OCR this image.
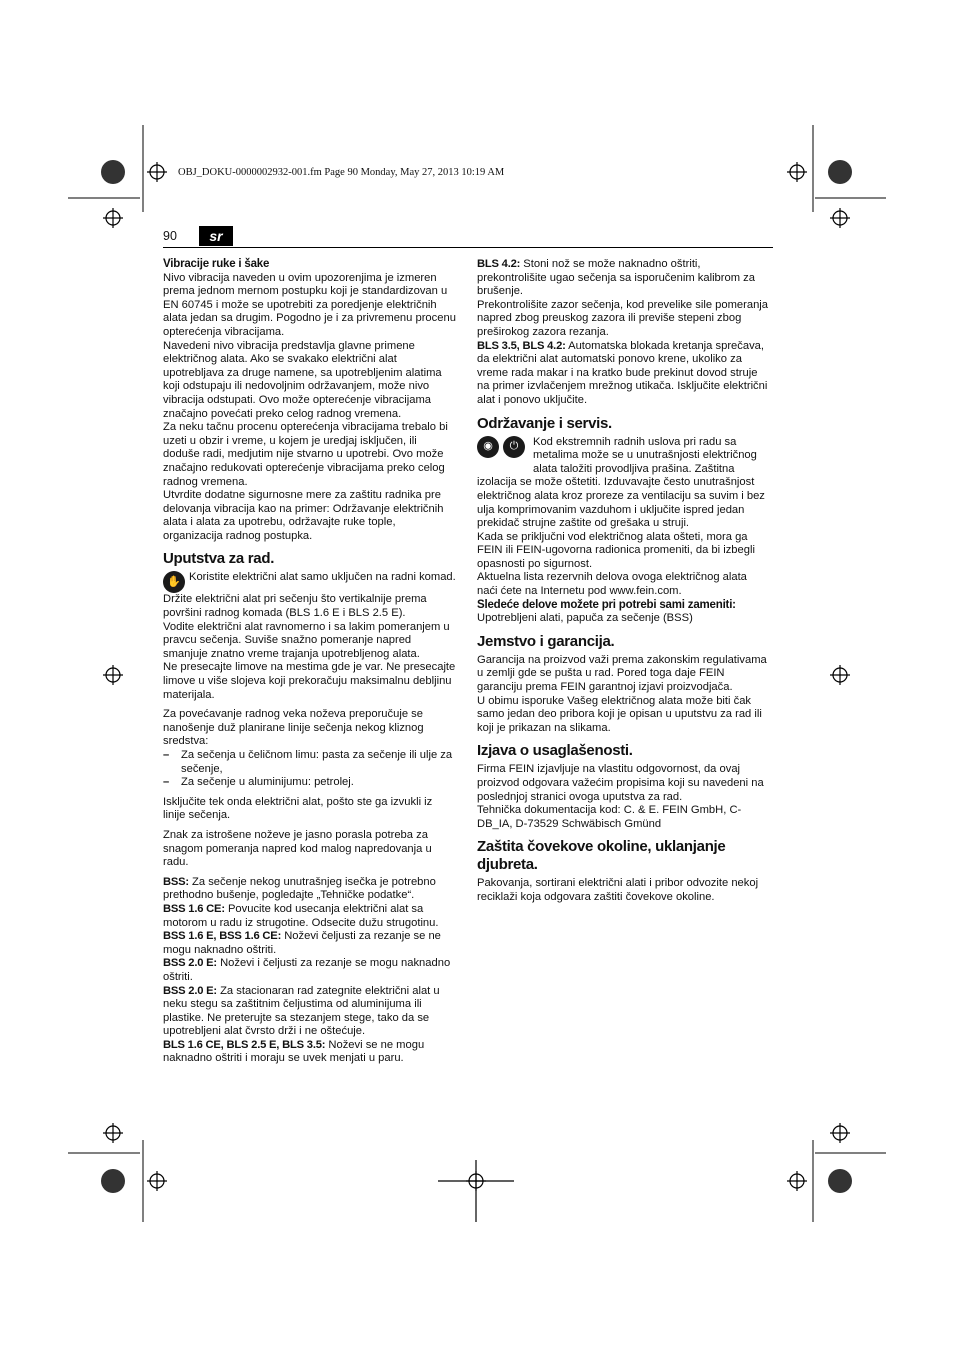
OBJ_DOKU-0000002932-001.fm Page 90 Monday, May 27, 2013 10:19 AM
90	sr
Vibracije ruke i šake

Nivo vibracija naveden u ovim upozorenjima je izmeren prema jednom mernom postupku koji je standardizovan u EN 60745 i može se upotrebiti za poredjenje električnih alata jedan sa drugim. Pogodno je i za privremenu procenu opterećenja vibracijama.

Navedeni nivo vibracija predstavlja glavne primene električnog alata. Ako se svakako električni alat upotrebljava za druge namene, sa upotrebljenim alatima koji odstupaju ili nedovoljnim održavanjem, može nivo vibracija odstupati. Ovo može opterećenje vibracijama značajno povećati preko celog radnog vremena.

Za neku tačnu procenu opterećenja vibracijama trebalo bi uzeti u obzir i vreme, u kojem je uredjaj isključen, ili doduše radi, medjutim nije stvarno u upotrebi. Ovo može značajno redukovati opterećenje vibracijama preko celog radnog vremena.

Utvrdite dodatne sigurnosne mere za zaštitu radnika pre delovanja vibracija kao na primer: Održavanje električnih alata i alata za upotrebu, održavajte ruke tople, organizacija radnog postupka.

Uputstva za rad.
✋ Koristite električni alat samo uključen na radni komad.

Držite električni alat pri sečenju što vertikalnije prema površini radnog komada (BLS 1.6 E i BLS 2.5 E).

Vodite električni alat ravnomerno i sa lakim pomeranjem u pravcu sečenja. Suviše snažno pomeranje napred smanjuje znatno vreme trajanja upotrebljenog alata.

Ne presecajte limove na mestima gde je var. Ne presecajte limove u više slojeva koji prekoračuju maksimalnu debljinu materijala.

Za povećavanje radnog veka noževa preporučuje se nanošenje duž planirane linije sečenja nekog kliznog sredstva:

–	Za sečenja u čeličnom limu: pasta za sečenje ili ulje za sečenje,
–	Za sečenje u aluminijumu: petrolej.

Isključite tek onda električni alat, pošto ste ga izvukli iz linije sečenja.

Znak za istrošene noževe je jasno porasla potreba za snagom pomeranja napred kod malog napredovanja u radu.

BSS: Za sečenje nekog unutrašnjeg isečka je potrebno prethodno bušenje, pogledajte „Tehničke podatke“.

BSS 1.6 CE: Povucite kod usecanja električni alat sa motorom u radu iz strugotine. Odsecite dužu strugotinu.

BSS 1.6 E, BSS 1.6 CE: Noževi čeljusti za rezanje se ne mogu naknadno oštriti.

BSS 2.0 E: Noževi i čeljusti za rezanje se mogu naknadno oštriti.

BSS 2.0 E: Za stacionaran rad zategnite električni alat u neku stegu sa zaštitnim čeljustima od aluminijuma ili plastike. Ne preterujte sa stezanjem stege, tako da se upotrebljeni alat čvrsto drži i ne oštećuje.

BLS 1.6 CE, BLS 2.5 E, BLS 3.5: Noževi se ne mogu naknadno oštriti i moraju se uvek menjati u paru.

BLS 4.2: Stoni nož se može naknadno oštriti, prekontrolišite ugao sečenja sa isporučenim kalibrom za brušenje.

Prekontrolišite zazor sečenja, kod prevelike sile pomeranja napred zbog preuskog zazora ili previše stepeni zbog preširokog zazora rezanja.

BLS 3.5, BLS 4.2: Automatska blokada kretanja sprečava, da električni alat automatski ponovo krene, ukoliko za vreme rada makar i na kratko bude prekinut dovod struje na primer izvlačenjem mrežnog utikača. Isključite električni alat i ponovo uključite.

Održavanje i servis.
◉	⏻	Kod ekstremnih radnih uslova pri radu sa metalima može se u unutrašnjosti električnog alata taložiti provodljiva prašina. Zaštitna

izolacija se može oštetiti. Izduvavajte često unutrašnjost električnog alata kroz proreze za ventilaciju sa suvim i bez ulja komprimovanim vazduhom i uključite ispred jedan prekidač strujne zaštite od grešaka u struji.

Kada se priključni vod električnog alata ošteti, mora ga FEIN ili FEIN-ugovorna radionica promeniti, da bi izbegli opasnosti po sigurnost.

Aktuelna lista rezervnih delova ovoga električnog alata naći ćete na Internetu pod www.fein.com.

Sledeće delove možete pri potrebi sami zameniti:

Upotrebljeni alati, papuča za sečenje (BSS)

Jemstvo i garancija.

Garancija na proizvod važi prema zakonskim regulativama u zemlji gde se pušta u rad. Pored toga daje FEIN garanciju prema FEIN garantnoj izjavi proizvodjača.

U obimu isporuke Vašeg električnog alata može biti čak samo jedan deo pribora koji je opisan u uputstvu za rad ili koji je prikazan na slikama.

Izjava o usaglašenosti.

Firma FEIN izjavljuje na vlastitu odgovornost, da ovaj proizvod odgovara važećim propisima koji su navedeni na poslednjoj stranici ovoga uputstva za rad.

Tehnička dokumentacija kod: C. & E. FEIN GmbH, C-DB_IA, D-73529 Schwäbisch Gmünd

Zaštita čovekove okoline, uklanjanje djubreta.

Pakovanja, sortirani električni alati i pribor odvozite nekoj reciklaži koja odgovara zaštiti čovekove okoline.
